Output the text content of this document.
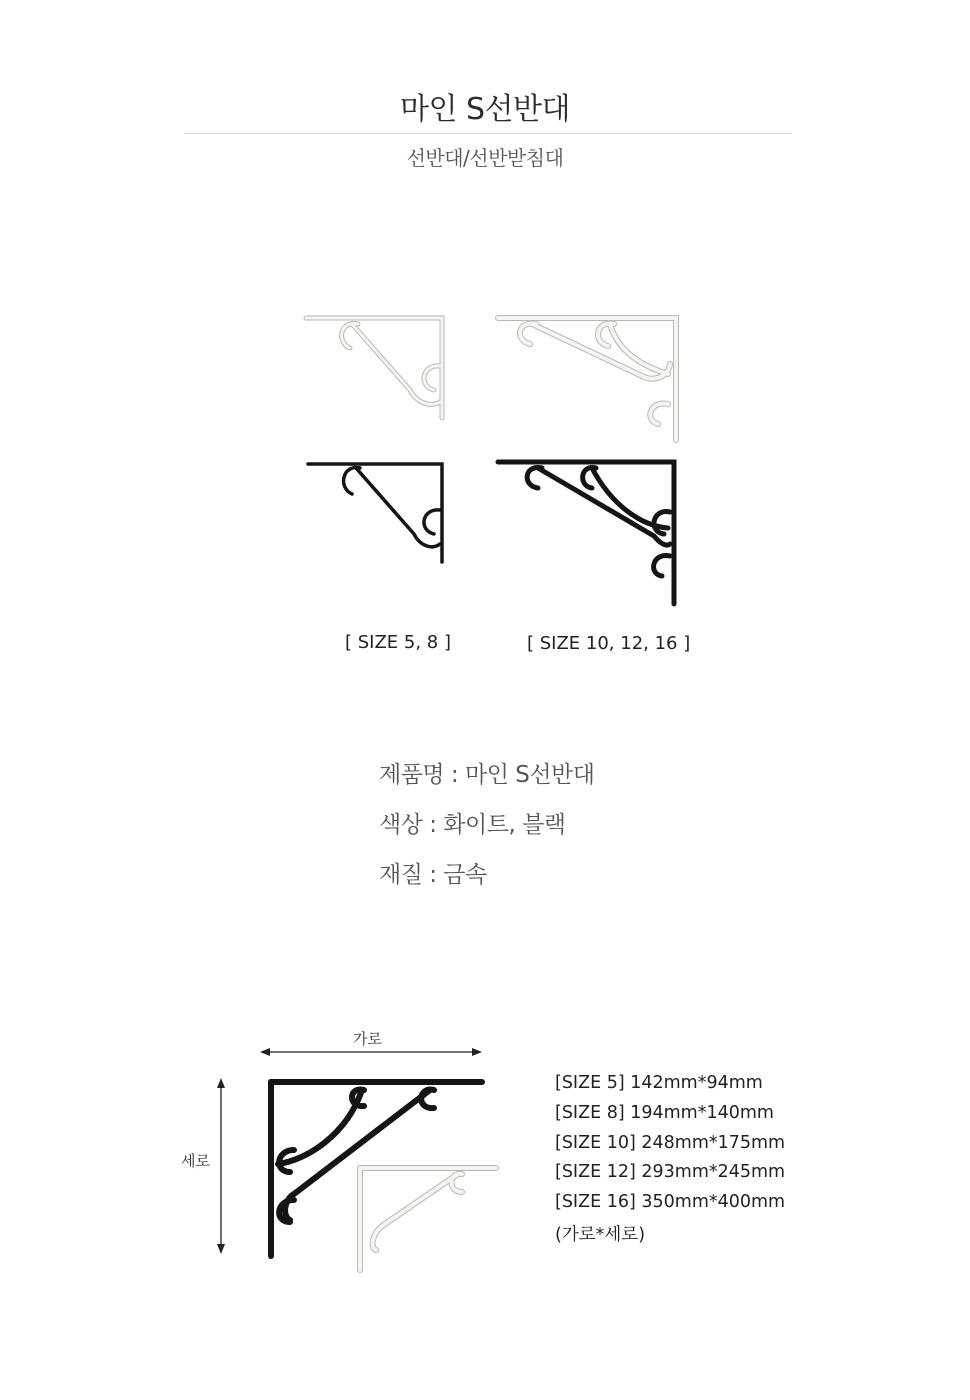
마인 S선반대
선반대/선반받침대
[ SIZE 5, 8 ]	[ SIZE 10, 12, 16 ]
제품명 : 마인 S선반대
색상 : 화이트, 블랙
재질 : 금속
가로
세로
[SIZE 5] 142mm*94mm
[SIZE 8] 194mm*140mm
[SIZE 10] 248mm*175mm
[SIZE 12] 293mm*245mm
[SIZE 16] 350mm*400mm
(가로*세로)
